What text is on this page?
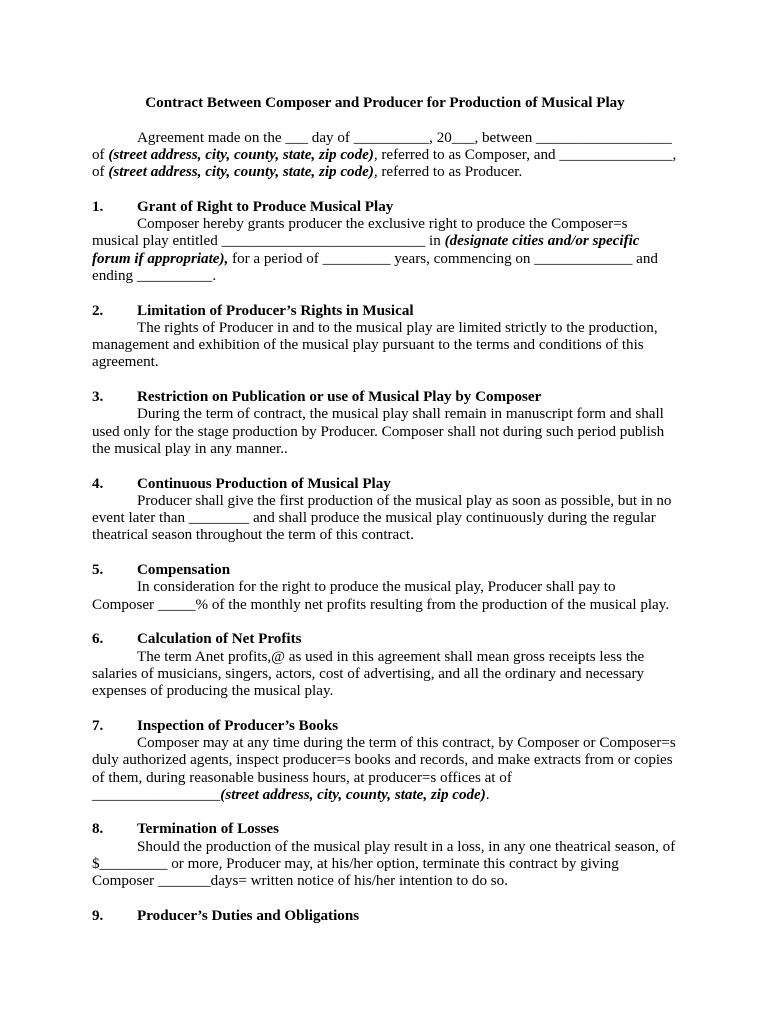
Contract Between Composer and Producer for Production of Musical Play

Agreement made on the ___ day of __________, 20___, between __________________ of (street address, city, county, state, zip code), referred to as Composer, and _______________, of (street address, city, county, state, zip code), referred to as Producer.

1. Grant of Right to Produce Musical Play

Composer hereby grants producer the exclusive right to produce the Composer=s musical play entitled ___________________________ in (designate cities and/or specific forum if appropriate), for a period of _________ years, commencing on _____________ and ending __________.

2. Limitation of Producer’s Rights in Musical

The rights of Producer in and to the musical play are limited strictly to the production, management and exhibition of the musical play pursuant to the terms and conditions of this agreement.

3. Restriction on Publication or use of Musical Play by Composer

During the term of contract, the musical play shall remain in manuscript form and shall used only for the stage production by Producer. Composer shall not during such period publish the musical play in any manner..

4. Continuous Production of Musical Play

Producer shall give the first production of the musical play as soon as possible, but in no event later than ________ and shall produce the musical play continuously during the regular theatrical season throughout the term of this contract.

5. Compensation

In consideration for the right to produce the musical play, Producer shall pay to Composer _____% of the monthly net profits resulting from the production of the musical play.

6. Calculation of Net Profits

The term Anet profits,@ as used in this agreement shall mean gross receipts less the salaries of musicians, singers, actors, cost of advertising, and all the ordinary and necessary expenses of producing the musical play.

7. Inspection of Producer’s Books

Composer may at any time during the term of this contract, by Composer or Composer=s duly authorized agents, inspect producer=s books and records, and make extracts from or copies of them, during reasonable business hours, at producer=s offices at of _________________(street address, city, county, state, zip code).

8. Termination of Losses

Should the production of the musical play result in a loss, in any one theatrical season, of $_________ or more, Producer may, at his/her option, terminate this contract by giving Composer _______days= written notice of his/her intention to do so.

9. Producer’s Duties and Obligations
